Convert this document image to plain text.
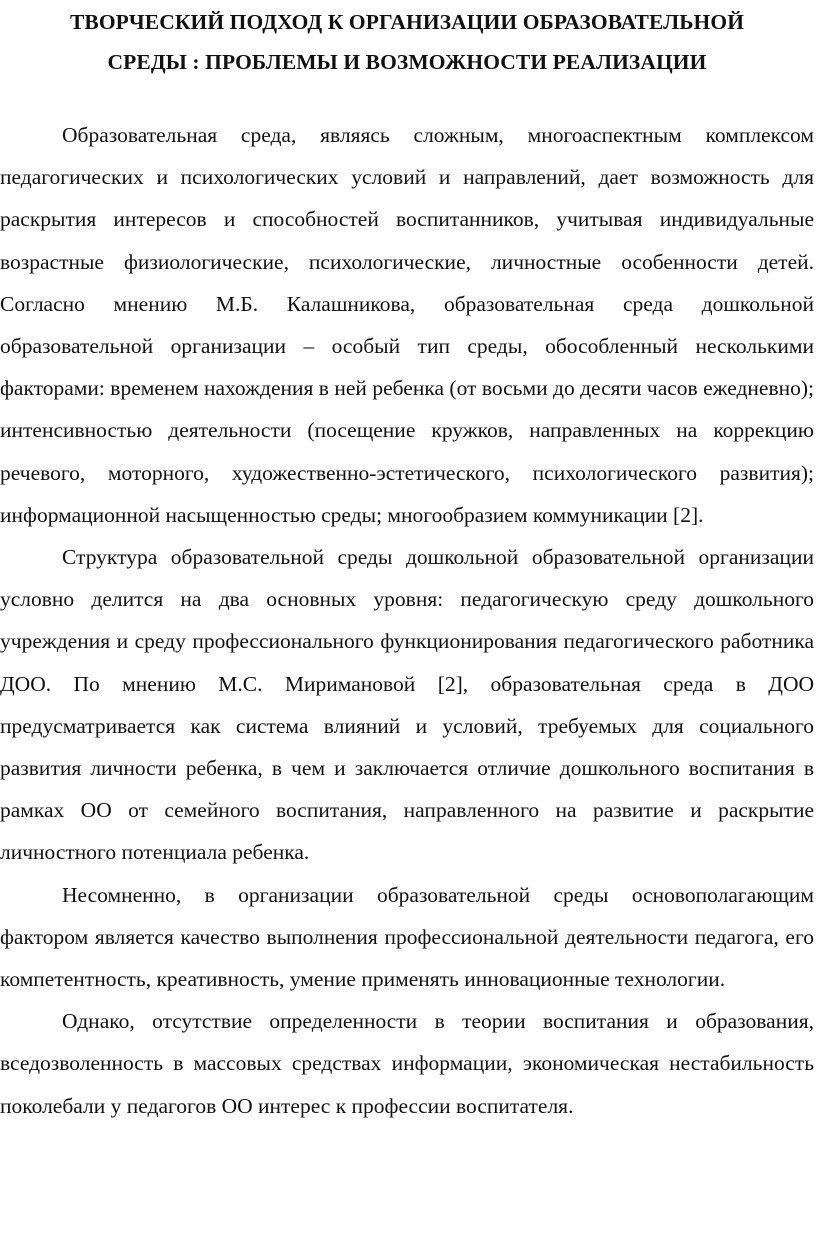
ТВОРЧЕСКИЙ ПОДХОД К ОРГАНИЗАЦИИ ОБРАЗОВАТЕЛЬНОЙ
СРЕДЫ : ПРОБЛЕМЫ И ВОЗМОЖНОСТИ РЕАЛИЗАЦИИ

Образовательная среда, являясь сложным, многоаспектным комплексом педагогических и психологических условий и направлений, дает возможность для раскрытия интересов и способностей воспитанников, учитывая индивидуальные возрастные физиологические, психологические, личностные особенности детей. Согласно мнению М.Б. Калашникова, образовательная среда дошкольной образовательной организации – особый тип среды, обособленный несколькими факторами: временем нахождения в ней ребенка (от восьми до десяти часов ежедневно); интенсивностью деятельности (посещение кружков, направленных на коррекцию речевого, моторного, художественно-эстетического, психологического развития); информационной насыщенностью среды; многообразием коммуникации [2].

Структура образовательной среды дошкольной образовательной организации условно делится на два основных уровня: педагогическую среду дошкольного учреждения и среду профессионального функционирования педагогического работника ДОО. По мнению М.С. Миримановой [2], образовательная среда в ДОО предусматривается как система влияний и условий, требуемых для социального развития личности ребенка, в чем и заключается отличие дошкольного воспитания в рамках ОО от семейного воспитания, направленного на развитие и раскрытие личностного потенциала ребенка.

Несомненно, в организации образовательной среды основополагающим фактором является качество выполнения профессиональной деятельности педагога, его компетентность, креативность, умение применять инновационные технологии.

Однако, отсутствие определенности в теории воспитания и образования, вседозволенность в массовых средствах информации, экономическая нестабильность поколебали у педагогов ОО интерес к профессии воспитателя.
